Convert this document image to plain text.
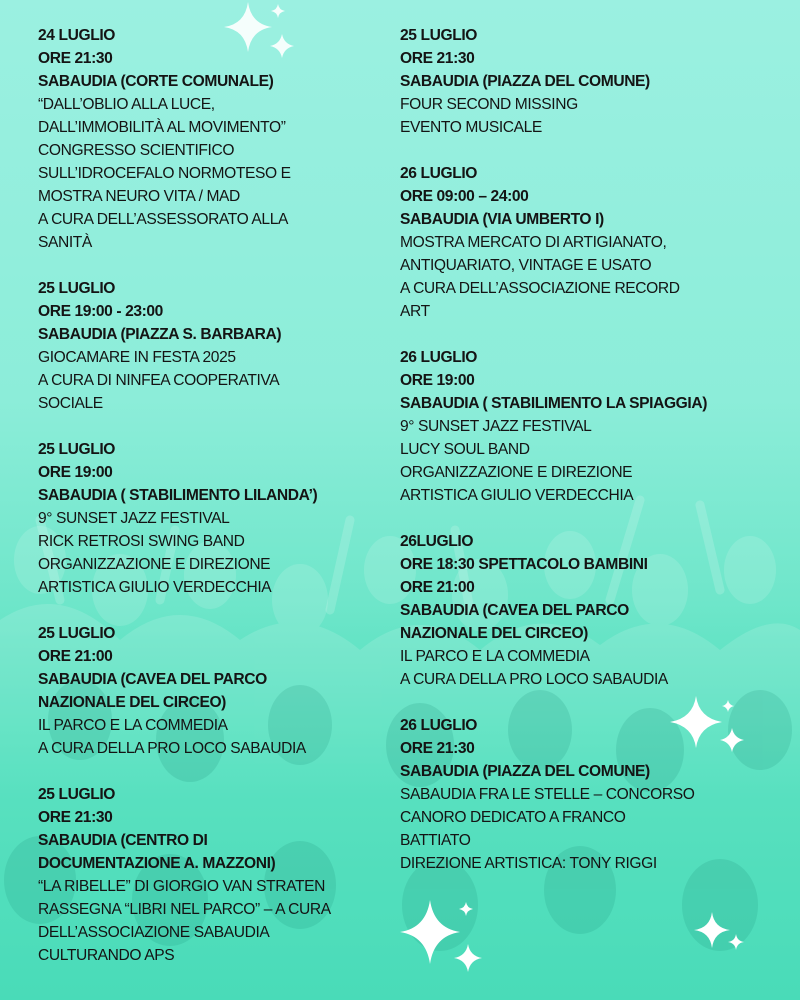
24 LUGLIO
ORE 21:30
SABAUDIA (CORTE COMUNALE)
“DALL’OBLIO ALLA LUCE,
DALL’IMMOBILITÀ AL MOVIMENTO”
CONGRESSO SCIENTIFICO
SULL’IDROCEFALO NORMOTESO E
MOSTRA NEURO VITA / MAD
A CURA DELL’ASSESSORATO ALLA
SANITÀ
25 LUGLIO
ORE 19:00 - 23:00
SABAUDIA (PIAZZA S. BARBARA)
GIOCAMARE IN FESTA 2025
A CURA DI NINFEA COOPERATIVA
SOCIALE
25 LUGLIO
ORE 19:00
SABAUDIA ( STABILIMENTO LILANDA’)
9° SUNSET JAZZ FESTIVAL
RICK RETROSI SWING BAND
ORGANIZZAZIONE E DIREZIONE
ARTISTICA GIULIO VERDECCHIA
25 LUGLIO
ORE 21:00
SABAUDIA (CAVEA DEL PARCO
NAZIONALE DEL CIRCEO)
IL PARCO E LA COMMEDIA
A CURA DELLA PRO LOCO SABAUDIA
25 LUGLIO
ORE 21:30
SABAUDIA (CENTRO DI
DOCUMENTAZIONE A. MAZZONI)
“LA RIBELLE” DI GIORGIO VAN STRATEN
RASSEGNA “LIBRI NEL PARCO” – A CURA
DELL’ASSOCIAZIONE SABAUDIA
CULTURANDO APS
25 LUGLIO
ORE 21:30
SABAUDIA (PIAZZA DEL COMUNE)
FOUR SECOND MISSING
EVENTO MUSICALE
26 LUGLIO
ORE 09:00 – 24:00
SABAUDIA (VIA UMBERTO I)
MOSTRA MERCATO DI ARTIGIANATO,
ANTIQUARIATO, VINTAGE E USATO
A CURA DELL’ASSOCIAZIONE RECORD
ART
26 LUGLIO
ORE 19:00
SABAUDIA ( STABILIMENTO LA SPIAGGIA)
9° SUNSET JAZZ FESTIVAL
LUCY SOUL BAND
ORGANIZZAZIONE E DIREZIONE
ARTISTICA GIULIO VERDECCHIA
26LUGLIO
ORE 18:30 SPETTACOLO BAMBINI
ORE 21:00
SABAUDIA (CAVEA DEL PARCO
NAZIONALE DEL CIRCEO)
IL PARCO E LA COMMEDIA
A CURA DELLA PRO LOCO SABAUDIA
26 LUGLIO
ORE 21:30
SABAUDIA (PIAZZA DEL COMUNE)
SABAUDIA FRA LE STELLE – CONCORSO
CANORO DEDICATO A FRANCO
BATTIATO
DIREZIONE ARTISTICA: TONY RIGGI
